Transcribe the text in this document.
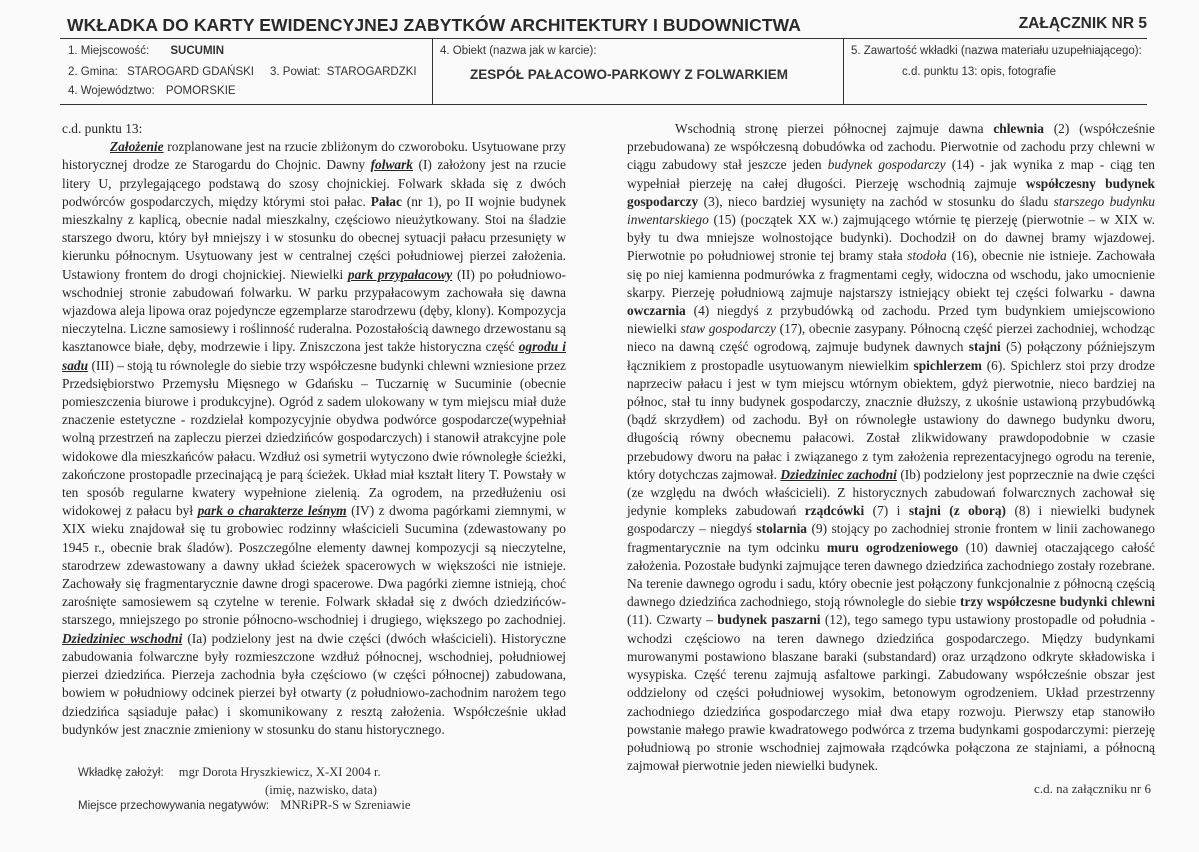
WKŁADKA DO KARTY EWIDENCYJNEJ ZABYTKÓW ARCHITEKTURY I BUDOWNICTWA	ZAŁĄCZNIK NR 5
1. Miejscowość: SUCUMIN
2. Gmina: STAROGARD GDAŃSKI 3. Powiat: STAROGARDZKI
4. Województwo: POMORSKIE
4. Obiekt (nazwa jak w karcie):
ZESPÓŁ PAŁACOWO-PARKOWY Z FOLWARKIEM
5. Zawartość wkładki (nazwa materiału uzupełniającego):
c.d. punktu 13: opis, fotografie

c.d. punktu 13:

Założenie rozplanowane jest na rzucie zbliżonym do czworoboku. Usytuowane przy historycznej drodze ze Starogardu do Chojnic. Dawny folwark (I) założony jest na rzucie litery U, przylegającego podstawą do szosy chojnickiej. Folwark składa się z dwóch podwórców gospodarczych, między którymi stoi pałac. Pałac (nr 1), po II wojnie budynek mieszkalny z kaplicą, obecnie nadal mieszkalny, częściowo nieużytkowany. Stoi na śladzie starszego dworu, który był mniejszy i w stosunku do obecnej sytuacji pałacu przesunięty w kierunku północnym. Usytuowany jest w centralnej części południowej pierzei założenia. Ustawiony frontem do drogi chojnickiej. Niewielki park przypałacowy (II) po południowo-wschodniej stronie zabudowań folwarku. W parku przypałacowym zachowała się dawna wjazdowa aleja lipowa oraz pojedyncze egzemplarze starodrzewu (dęby, klony). Kompozycja nieczytelna. Liczne samosiewy i roślinność ruderalna. Pozostałością dawnego drzewostanu są kasztanowce białe, dęby, modrzewie i lipy. Zniszczona jest także historyczna część ogrodu i sadu (III) – stoją tu równolegle do siebie trzy współczesne budynki chlewni wzniesione przez Przedsiębiorstwo Przemysłu Mięsnego w Gdańsku – Tuczarnię w Sucuminie (obecnie pomieszczenia biurowe i produkcyjne). Ogród z sadem ulokowany w tym miejscu miał duże znaczenie estetyczne - rozdzielał kompozycyjnie obydwa podwórce gospodarcze(wypełniał wolną przestrzeń na zapleczu pierzei dziedzińców gospodarczych) i stanowił atrakcyjne pole widokowe dla mieszkańców pałacu. Wzdłuż osi symetrii wytyczono dwie równoległe ścieżki, zakończone prostopadle przecinającą je parą ścieżek. Układ miał kształt litery T. Powstały w ten sposób regularne kwatery wypełnione zielenią. Za ogrodem, na przedłużeniu osi widokowej z pałacu był park o charakterze leśnym (IV) z dwoma pagórkami ziemnymi, w XIX wieku znajdował się tu grobowiec rodzinny właścicieli Sucumina (zdewastowany po 1945 r., obecnie brak śladów). Poszczególne elementy dawnej kompozycji są nieczytelne, starodrzew zdewastowany a dawny układ ścieżek spacerowych w większości nie istnieje. Zachowały się fragmentarycznie dawne drogi spacerowe. Dwa pagórki ziemne istnieją, choć zarośnięte samosiewem są czytelne w terenie. Folwark składał się z dwóch dziedzińców- starszego, mniejszego po stronie północno-wschodniej i drugiego, większego po zachodniej. Dziedziniec wschodni (Ia) podzielony jest na dwie części (dwóch właścicieli). Historyczne zabudowania folwarczne były rozmieszczone wzdłuż północnej, wschodniej, południowej pierzei dziedzińca. Pierzeja zachodnia była częściowo (w części północnej) zabudowana, bowiem w południowy odcinek pierzei był otwarty (z południowo-zachodnim narożem tego dziedzińca sąsiaduje pałac) i skomunikowany z resztą założenia. Współcześnie układ budynków jest znacznie zmieniony w stosunku do stanu historycznego.

Wschodnią stronę pierzei północnej zajmuje dawna chlewnia (2) (współcześnie przebudowana) ze współczesną dobudówka od zachodu. Pierwotnie od zachodu przy chlewni w ciągu zabudowy stał jeszcze jeden budynek gospodarczy (14) - jak wynika z map - ciąg ten wypełniał pierzeję na całej długości. Pierzeję wschodnią zajmuje współczesny budynek gospodarczy (3), nieco bardziej wysunięty na zachód w stosunku do śladu starszego budynku inwentarskiego (15) (początek XX w.) zajmującego wtórnie tę pierzeję (pierwotnie – w XIX w. były tu dwa mniejsze wolnostojące budynki). Dochodził on do dawnej bramy wjazdowej. Pierwotnie po południowej stronie tej bramy stała stodoła (16), obecnie nie istnieje. Zachowała się po niej kamienna podmurówka z fragmentami cegły, widoczna od wschodu, jako umocnienie skarpy. Pierzeję południową zajmuje najstarszy istniejący obiekt tej części folwarku - dawna owczarnia (4) niegdyś z przybudówką od zachodu. Przed tym budynkiem umiejscowiono niewielki staw gospodarczy (17), obecnie zasypany. Północną część pierzei zachodniej, wchodząc nieco na dawną część ogrodową, zajmuje budynek dawnych stajni (5) połączony późniejszym łącznikiem z prostopadle usytuowanym niewielkim spichlerzem (6). Spichlerz stoi przy drodze naprzeciw pałacu i jest w tym miejscu wtórnym obiektem, gdyż pierwotnie, nieco bardziej na północ, stał tu inny budynek gospodarczy, znacznie dłuższy, z ukośnie ustawioną przybudówką (bądź skrzydłem) od zachodu. Był on równoległe ustawiony do dawnego budynku dworu, długością równy obecnemu pałacowi. Został zlikwidowany prawdopodobnie w czasie przebudowy dworu na pałac i związanego z tym założenia reprezentacyjnego ogrodu na terenie, który dotychczas zajmował. Dziedziniec zachodni (Ib) podzielony jest poprzecznie na dwie części (ze względu na dwóch właścicieli). Z historycznych zabudowań folwarcznych zachował się jedynie kompleks zabudowań rządcówki (7) i stajni (z oborą) (8) i niewielki budynek gospodarczy – niegdyś stolarnia (9) stojący po zachodniej stronie frontem w linii zachowanego fragmentarycznie na tym odcinku muru ogrodzeniowego (10) dawniej otaczającego całość założenia. Pozostałe budynki zajmujące teren dawnego dziedzińca zachodniego zostały rozebrane. Na terenie dawnego ogrodu i sadu, który obecnie jest połączony funkcjonalnie z północną częścią dawnego dziedzińca zachodniego, stoją równolegle do siebie trzy współczesne budynki chlewni (11). Czwarty – budynek paszarni (12), tego samego typu ustawiony prostopadle od południa - wchodzi częściowo na teren dawnego dziedzińca gospodarczego. Między budynkami murowanymi postawiono blaszane baraki (substandard) oraz urządzono odkryte składowiska i wysypiska. Część terenu zajmują asfaltowe parkingi. Zabudowany współcześnie obszar jest oddzielony od części południowej wysokim, betonowym ogrodzeniem. Układ przestrzenny zachodniego dziedzińca gospodarczego miał dwa etapy rozwoju. Pierwszy etap stanowiło powstanie małego prawie kwadratowego podwórca z trzema budynkami gospodarczymi: pierzeję południową po stronie wschodniej zajmowała rządcówka połączona ze stajniami, a północną zajmował pierwotnie jeden niewielki budynek.

Wkładkę założył: mgr Dorota Hryszkiewicz, X-XI 2004 r.
(imię, nazwisko, data)
Miejsce przechowywania negatywów: MNRiPR-S w Szreniawie
c.d. na załączniku nr 6
